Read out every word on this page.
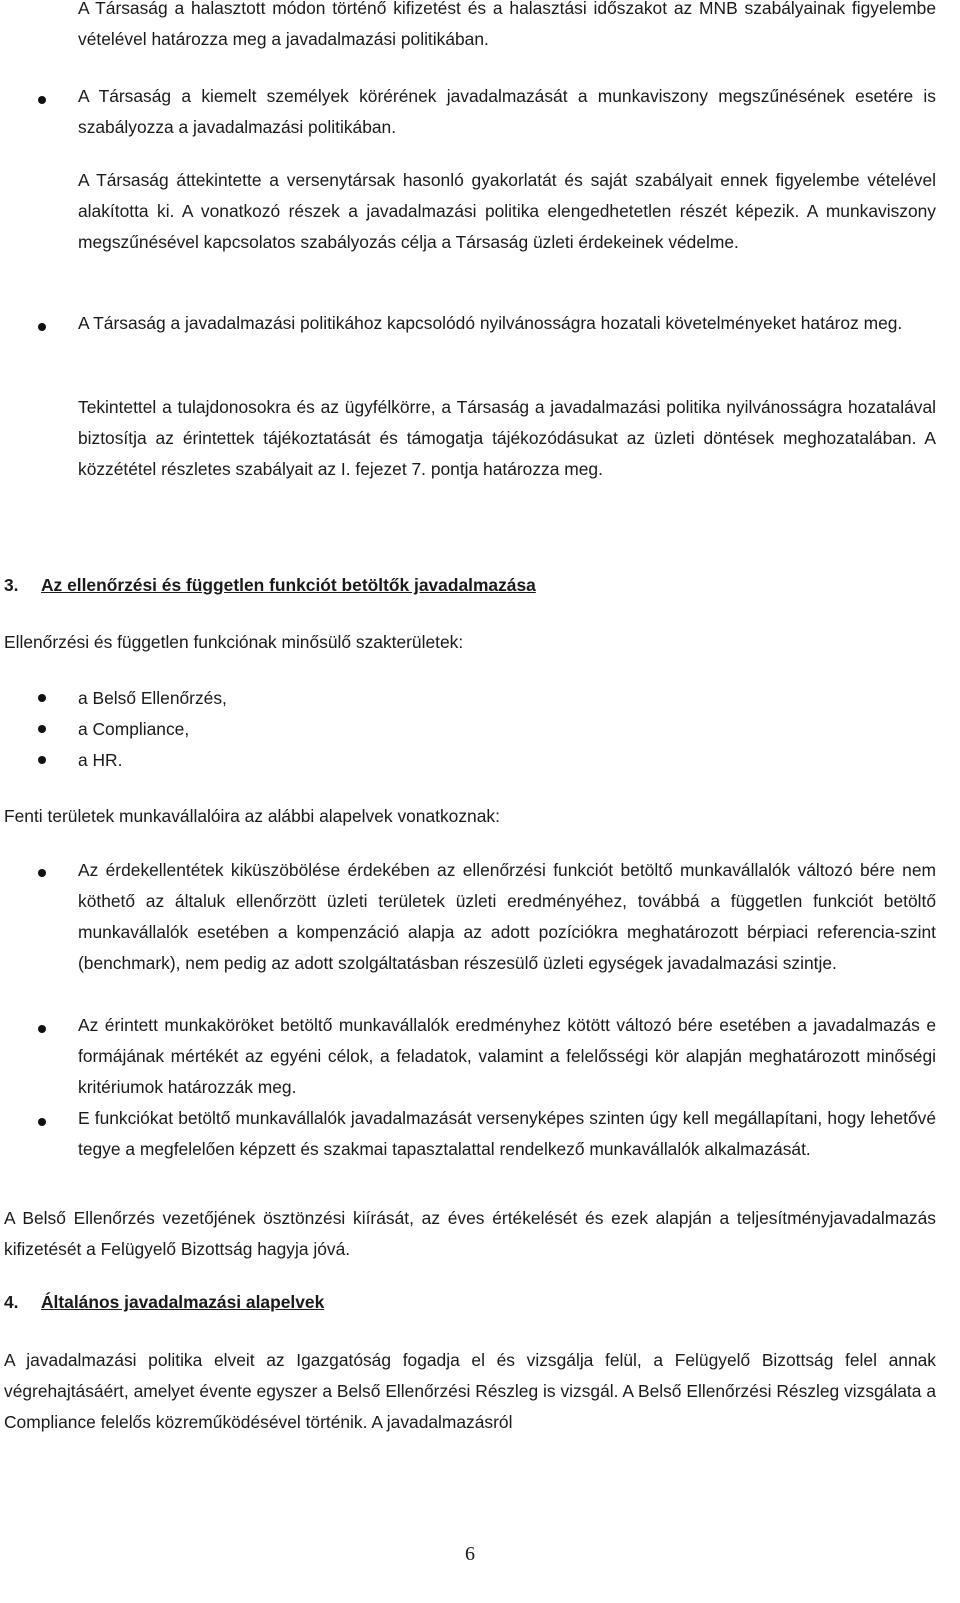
A Társaság a halasztott módon történő kifizetést és a halasztási időszakot az MNB szabályainak figyelembe vételével határozza meg a javadalmazási politikában.

A Társaság a kiemelt személyek körérének javadalmazását a munkaviszony megszűnésének esetére is szabályozza a javadalmazási politikában.

A Társaság áttekintette a versenytársak hasonló gyakorlatát és saját szabályait ennek figyelembe vételével alakította ki. A vonatkozó részek a javadalmazási politika elengedhetetlen részét képezik. A munkaviszony megszűnésével kapcsolatos szabályozás célja a Társaság üzleti érdekeinek védelme.

A Társaság a javadalmazási politikához kapcsolódó nyilvánosságra hozatali követelményeket határoz meg.

Tekintettel a tulajdonosokra és az ügyfélkörre, a Társaság a javadalmazási politika nyilvánosságra hozatalával biztosítja az érintettek tájékoztatását és támogatja tájékozódásukat az üzleti döntések meghozatalában. A közzététel részletes szabályait az I. fejezet 7. pontja határozza meg.

3. Az ellenőrzési és független funkciót betöltők javadalmazása

Ellenőrzési és független funkciónak minősülő szakterületek:

a Belső Ellenőrzés,

a Compliance,

a HR.

Fenti területek munkavállalóira az alábbi alapelvek vonatkoznak:

Az érdekellentétek kiküszöbölése érdekében az ellenőrzési funkciót betöltő munkavállalók változó bére nem köthető az általuk ellenőrzött üzleti területek üzleti eredményéhez, továbbá a független funkciót betöltő munkavállalók esetében a kompenzáció alapja az adott pozíciókra meghatározott bérpiaci referencia-szint (benchmark), nem pedig az adott szolgáltatásban részesülő üzleti egységek javadalmazási szintje.

Az érintett munkaköröket betöltő munkavállalók eredményhez kötött változó bére esetében a javadalmazás e formájának mértékét az egyéni célok, a feladatok, valamint a felelősségi kör alapján meghatározott minőségi kritériumok határozzák meg.

E funkciókat betöltő munkavállalók javadalmazását versenyképes szinten úgy kell megállapítani, hogy lehetővé tegye a megfelelően képzett és szakmai tapasztalattal rendelkező munkavállalók alkalmazását.

A Belső Ellenőrzés vezetőjének ösztönzési kiírását, az éves értékelését és ezek alapján a teljesítményjavadalmazás kifizetését a Felügyelő Bizottság hagyja jóvá.

4. Általános javadalmazási alapelvek

A javadalmazási politika elveit az Igazgatóság fogadja el és vizsgálja felül, a Felügyelő Bizottság felel annak végrehajtásáért, amelyet évente egyszer a Belső Ellenőrzési Részleg is vizsgál. A Belső Ellenőrzési Részleg vizsgálata a Compliance felelős közreműködésével történik. A javadalmazásról

6
